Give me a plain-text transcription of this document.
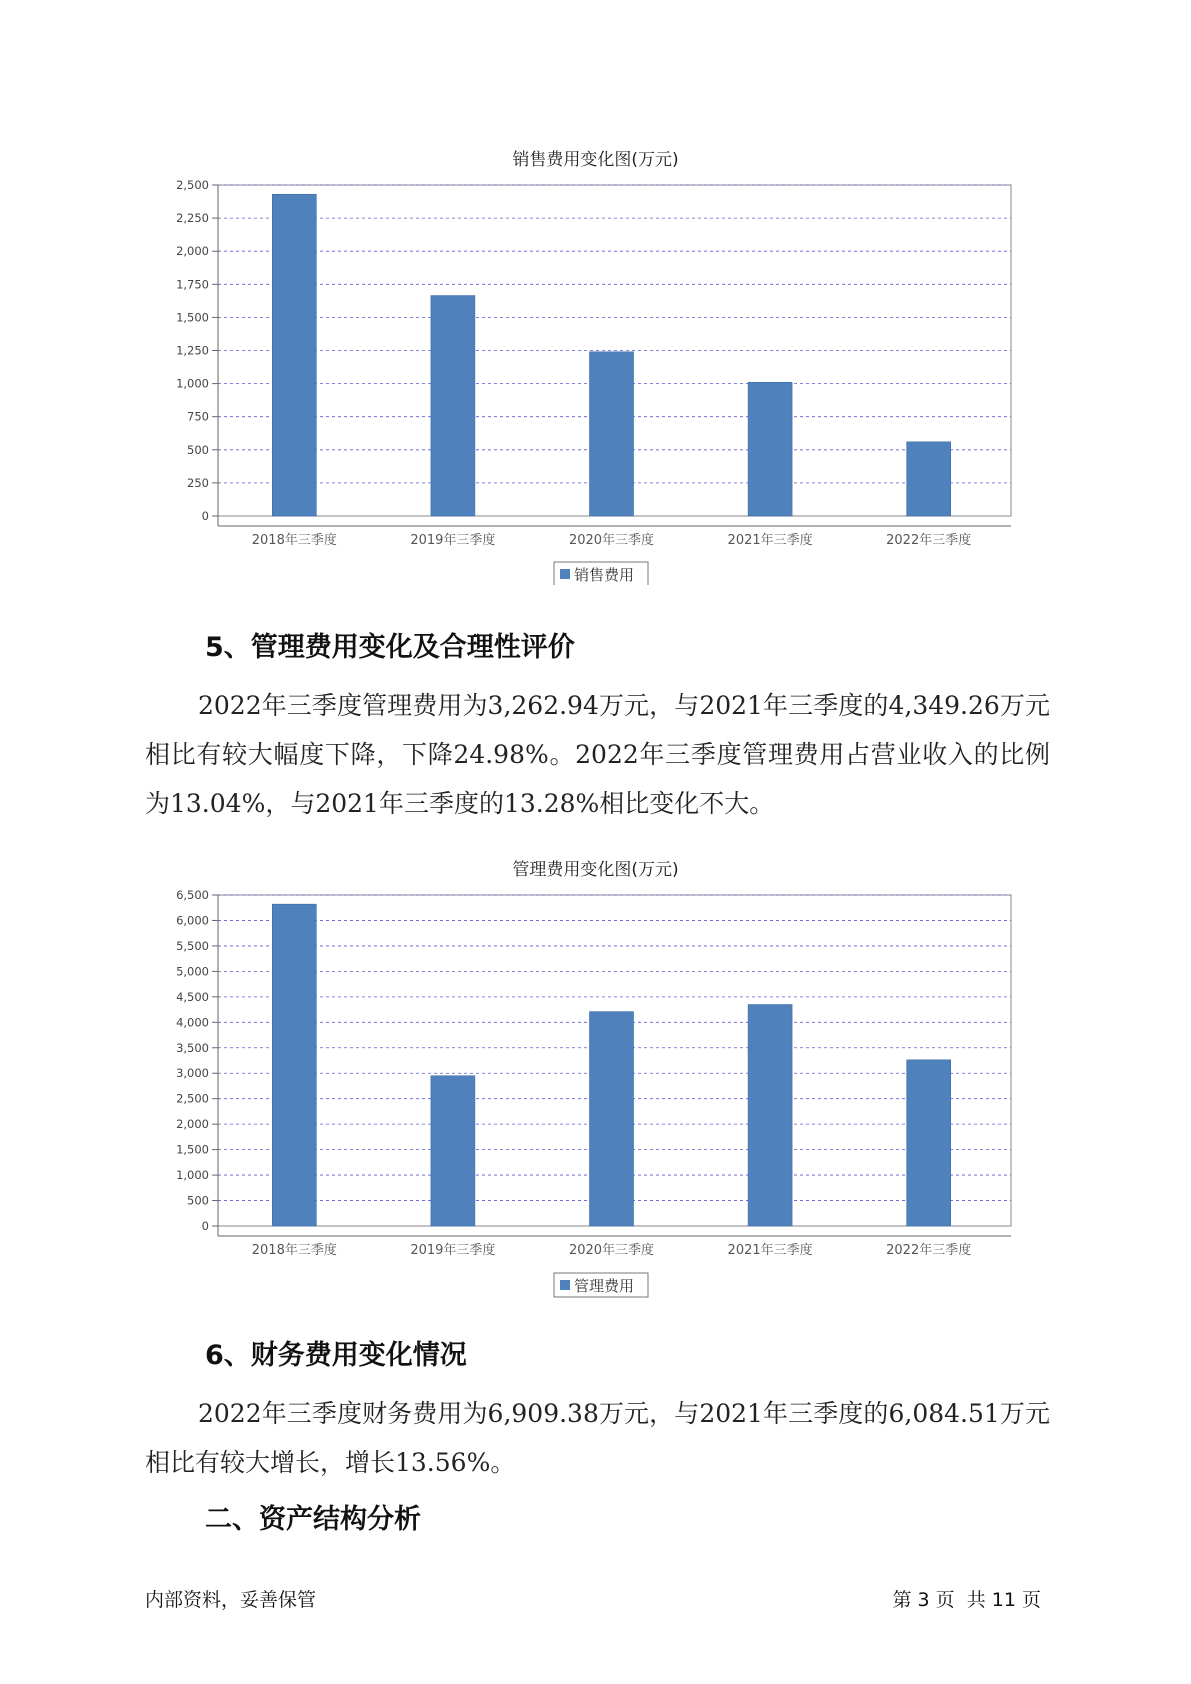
销售费用变化图(万元)
0
250
500
750
1,000
1,250
1,500
1,750
2,000
2,250
2,500
2018年三季度	2019年三季度	2020年三季度	2021年三季度	2022年三季度
销售费用
5、管理费用变化及合理性评价

2022年三季度管理费用为3,262.94万元，与2021年三季度的4,349.26万元相比有较大幅度下降，下降24.98%。2022年三季度管理费用占营业收入的比例为13.04%，与2021年三季度的13.28%相比变化不大。

管理费用变化图(万元)
0
500
1,000
1,500
2,000
2,500
3,000
3,500
4,000
4,500
5,000
5,500
6,000
6,500
2018年三季度	2019年三季度	2020年三季度	2021年三季度	2022年三季度
管理费用
6、财务费用变化情况

2022年三季度财务费用为6,909.38万元，与2021年三季度的6,084.51万元相比有较大增长，增长13.56%。

二、资产结构分析
内部资料，妥善保管	第 3 页  共 11 页
